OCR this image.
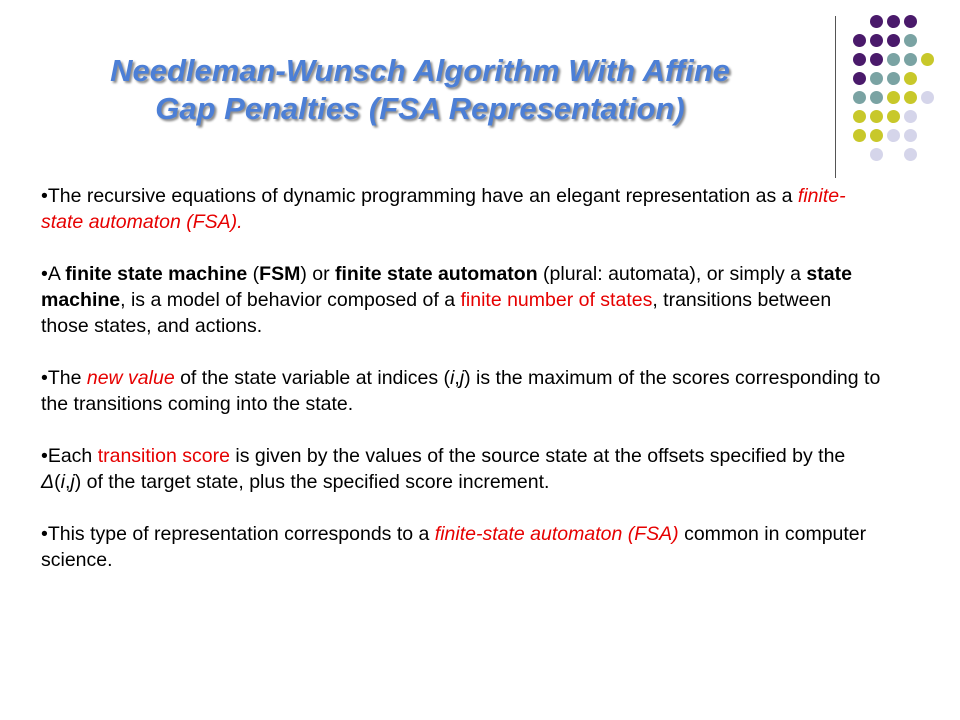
Needleman-Wunsch Algorithm With Affine
Gap Penalties (FSA Representation)

•The recursive equations of dynamic programming have an elegant representation as a finite-state automaton (FSA).

•A finite state machine (FSM) or finite state automaton (plural: automata), or simply a state machine, is a model of behavior composed of a finite number of states, transitions between those states, and actions.

•The new value of the state variable at indices (i,j) is the maximum of the scores corresponding to the transitions coming into the state.

•Each transition score is given by the values of the source state at the offsets specified by the Δ(i,j) of the target state, plus the specified score increment.

•This type of representation corresponds to a finite-state automaton (FSA) common in computer science.
